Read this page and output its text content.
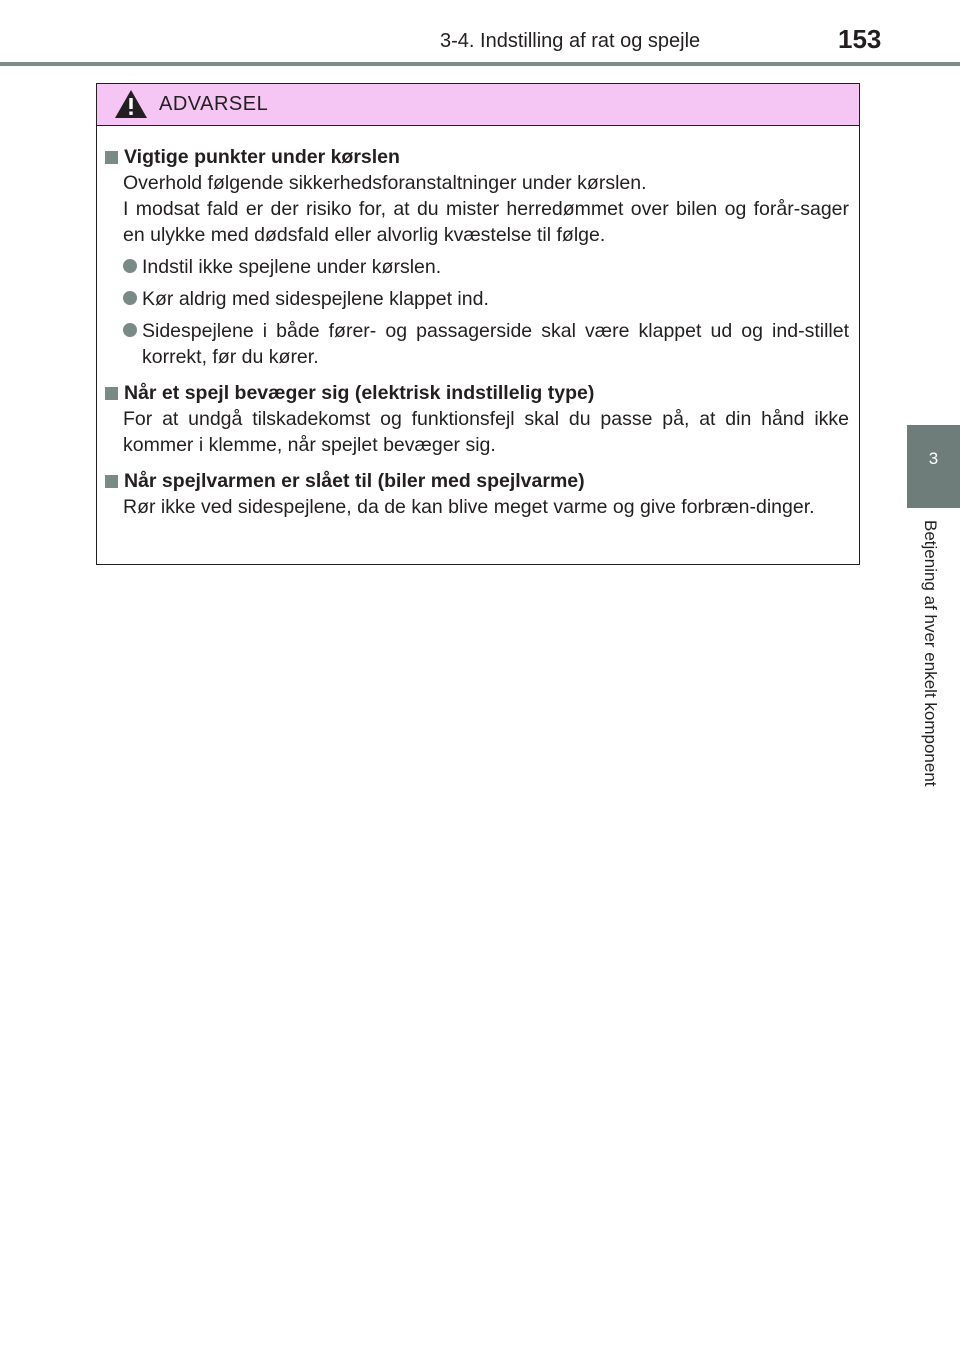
3-4. Indstilling af rat og spejle	153
3
Betjening af hver enkelt komponent
ADVARSEL
Vigtige punkter under kørslen
Overhold følgende sikkerhedsforanstaltninger under kørslen.
I modsat fald er der risiko for, at du mister herredømmet over bilen og forår-sager en ulykke med dødsfald eller alvorlig kvæstelse til følge.
Indstil ikke spejlene under kørslen.
Kør aldrig med sidespejlene klappet ind.
Sidespejlene i både fører- og passagerside skal være klappet ud og ind-stillet korrekt, før du kører.
Når et spejl bevæger sig (elektrisk indstillelig type)
For at undgå tilskadekomst og funktionsfejl skal du passe på, at din hånd ikke kommer i klemme, når spejlet bevæger sig.
Når spejlvarmen er slået til (biler med spejlvarme)
Rør ikke ved sidespejlene, da de kan blive meget varme og give forbræn-dinger.
